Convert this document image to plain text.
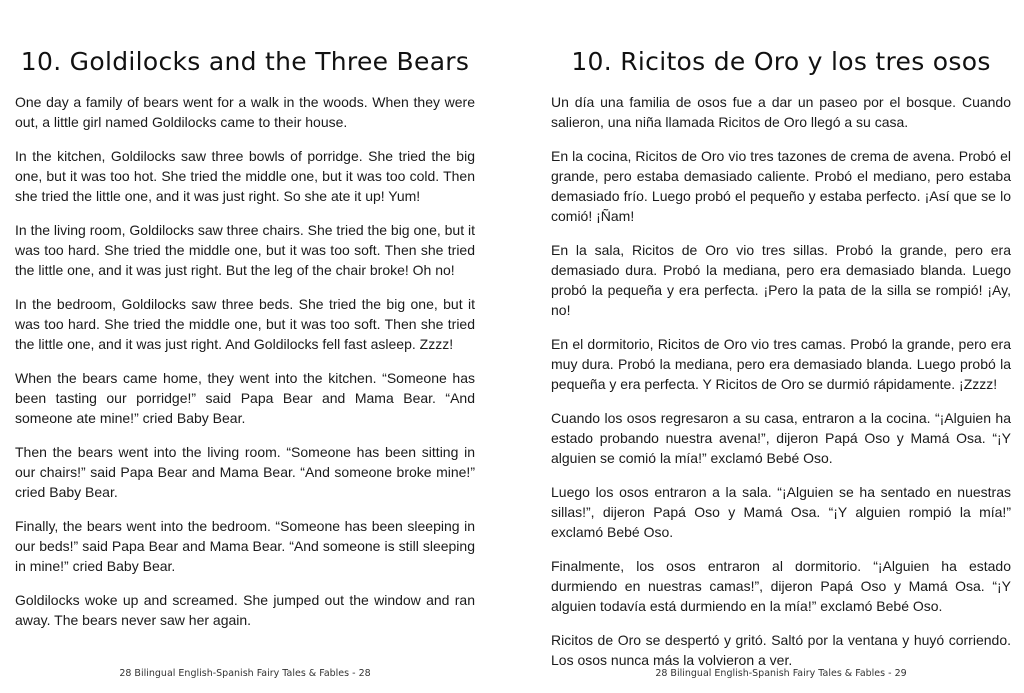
10. Goldilocks and the Three Bears

One day a family of bears went for a walk in the woods. When they were out, a little girl named Goldilocks came to their house.

In the kitchen, Goldilocks saw three bowls of porridge. She tried the big one, but it was too hot. She tried the middle one, but it was too cold. Then she tried the little one, and it was just right. So she ate it up! Yum!

In the living room, Goldilocks saw three chairs. She tried the big one, but it was too hard. She tried the middle one, but it was too soft. Then she tried the little one, and it was just right. But the leg of the chair broke! Oh no!

In the bedroom, Goldilocks saw three beds. She tried the big one, but it was too hard. She tried the middle one, but it was too soft. Then she tried the little one, and it was just right. And Goldilocks fell fast asleep. Zzzz!

When the bears came home, they went into the kitchen. “Someone has been tasting our porridge!” said Papa Bear and Mama Bear. “And someone ate mine!” cried Baby Bear.

Then the bears went into the living room. “Someone has been sitting in our chairs!” said Papa Bear and Mama Bear. “And someone broke mine!” cried Baby Bear.

Finally, the bears went into the bedroom. “Someone has been sleeping in our beds!” said Papa Bear and Mama Bear. “And someone is still sleeping in mine!” cried Baby Bear.

Goldilocks woke up and screamed. She jumped out the window and ran away. The bears never saw her again.

28 Bilingual English-Spanish Fairy Tales & Fables - 28
10. Ricitos de Oro y los tres osos

Un día una familia de osos fue a dar un paseo por el bosque. Cuando salieron, una niña llamada Ricitos de Oro llegó a su casa.

En la cocina, Ricitos de Oro vio tres tazones de crema de avena. Probó el grande, pero estaba demasiado caliente. Probó el mediano, pero estaba demasiado frío. Luego probó el pequeño y estaba perfecto. ¡Así que se lo comió! ¡Ñam!

En la sala, Ricitos de Oro vio tres sillas. Probó la grande, pero era demasiado dura. Probó la mediana, pero era demasiado blanda. Luego probó la pequeña y era perfecta. ¡Pero la pata de la silla se rompió! ¡Ay, no!

En el dormitorio, Ricitos de Oro vio tres camas. Probó la grande, pero era muy dura. Probó la mediana, pero era demasiado blanda. Luego probó la pequeña y era perfecta. Y Ricitos de Oro se durmió rápidamente. ¡Zzzz!

Cuando los osos regresaron a su casa, entraron a la cocina. “¡Alguien ha estado probando nuestra avena!”, dijeron Papá Oso y Mamá Osa. “¡Y alguien se comió la mía!” exclamó Bebé Oso.

Luego los osos entraron a la sala. “¡Alguien se ha sentado en nuestras sillas!”, dijeron Papá Oso y Mamá Osa. “¡Y alguien rompió la mía!” exclamó Bebé Oso.

Finalmente, los osos entraron al dormitorio. “¡Alguien ha estado durmiendo en nuestras camas!”, dijeron Papá Oso y Mamá Osa. “¡Y alguien todavía está durmiendo en la mía!” exclamó Bebé Oso.

Ricitos de Oro se despertó y gritó. Saltó por la ventana y huyó corriendo. Los osos nunca más la volvieron a ver.

28 Bilingual English-Spanish Fairy Tales & Fables - 29
